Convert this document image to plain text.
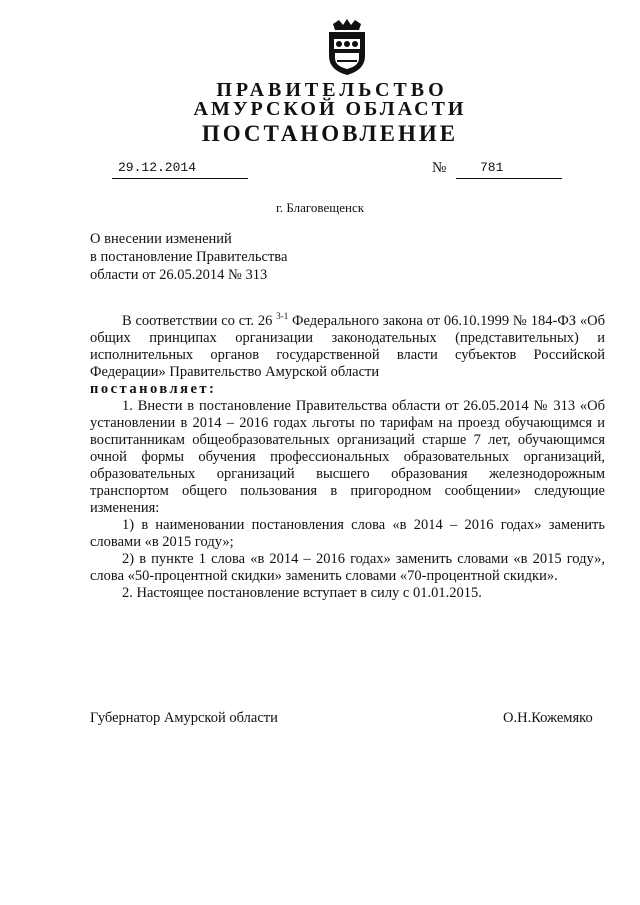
ПРАВИТЕЛЬСТВО
АМУРСКОЙ ОБЛАСТИ
ПОСТАНОВЛЕНИЕ
29.12.2014	№	781
г. Благовещенск
О внесении изменений
в постановление Правительства
области от 26.05.2014 № 313

В соответствии со ст. 26 $^{3-1}$ Федерального закона от 06.10.1999 № 184-ФЗ «Об общих принципах организации законодательных (представительных) и исполнительных органов государственной власти субъектов Российской Федерации» Правительство Амурской области

постановляет:

1. Внести в постановление Правительства области от 26.05.2014 № 313 «Об установлении в 2014 – 2016 годах льготы по тарифам на проезд обучающимся и воспитанникам общеобразовательных организаций старше 7 лет, обучающимся очной формы обучения профессиональных образовательных организаций, образовательных организаций высшего образования железнодорожным транспортом общего пользования в пригородном сообщении» следующие изменения:

1) в наименовании постановления слова «в 2014 – 2016 годах» заменить словами «в 2015 году»;

2) в пункте 1 слова «в 2014 – 2016 годах» заменить словами «в 2015 году», слова «50-процентной скидки» заменить словами «70-процентной скидки».

2. Настоящее постановление вступает в силу с 01.01.2015.

Губернатор Амурской области	О.Н.Кожемяко
